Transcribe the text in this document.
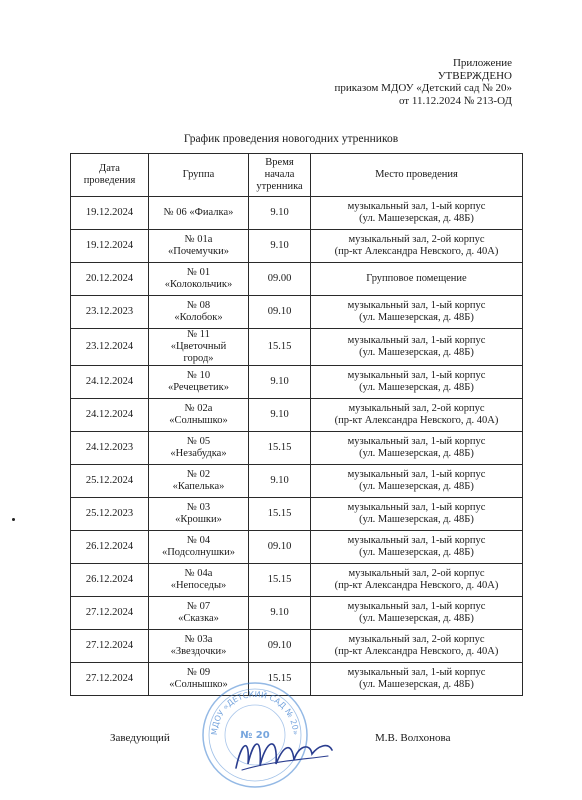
Приложение
УТВЕРЖДЕНО
приказом МДОУ «Детский сад № 20»
от 11.12.2024 № 213-ОД
График проведения новогодних утренников
Дата проведения	Группа	Время начала утренника	Место проведения
19.12.2024	№ 06 «Фиалка»	9.10	музыкальный зал, 1-ый корпус
(ул. Машезерская, д. 48Б)
19.12.2024	№ 01а
«Почемучки»	9.10	музыкальный зал, 2-ой корпус
(пр-кт Александра Невского, д. 40А)
20.12.2024	№ 01
«Колокольчик»	09.00	Групповое помещение
23.12.2023	№ 08
«Колобок»	09.10	музыкальный зал, 1-ый корпус
(ул. Машезерская, д. 48Б)
23.12.2024	№ 11
«Цветочный
город»	15.15	музыкальный зал, 1-ый корпус
(ул. Машезерская, д. 48Б)
24.12.2024	№ 10
«Речецветик»	9.10	музыкальный зал, 1-ый корпус
(ул. Машезерская, д. 48Б)
24.12.2024	№ 02а
«Солнышко»	9.10	музыкальный зал, 2-ой корпус
(пр-кт Александра Невского, д. 40А)
24.12.2023	№ 05
«Незабудка»	15.15	музыкальный зал, 1-ый корпус
(ул. Машезерская, д. 48Б)
25.12.2024	№ 02
«Капелька»	9.10	музыкальный зал, 1-ый корпус
(ул. Машезерская, д. 48Б)
25.12.2023	№ 03
«Крошки»	15.15	музыкальный зал, 1-ый корпус
(ул. Машезерская, д. 48Б)
26.12.2024	№ 04
«Подсолнушки»	09.10	музыкальный зал, 1-ый корпус
(ул. Машезерская, д. 48Б)
26.12.2024	№ 04а
«Непоседы»	15.15	музыкальный зал, 2-ой корпус
(пр-кт Александра Невского, д. 40А)
27.12.2024	№ 07
«Сказка»	9.10	музыкальный зал, 1-ый корпус
(ул. Машезерская, д. 48Б)
27.12.2024	№ 03а
«Звездочки»	09.10	музыкальный зал, 2-ой корпус
(пр-кт Александра Невского, д. 40А)
27.12.2024	№ 09
«Солнышко»	15.15	музыкальный зал, 1-ый корпус
(ул. Машезерская, д. 48Б)
МДОУ «ДЕТСКИЙ САД № 20»
№ 20
Заведующий	М.В. Волхонова
